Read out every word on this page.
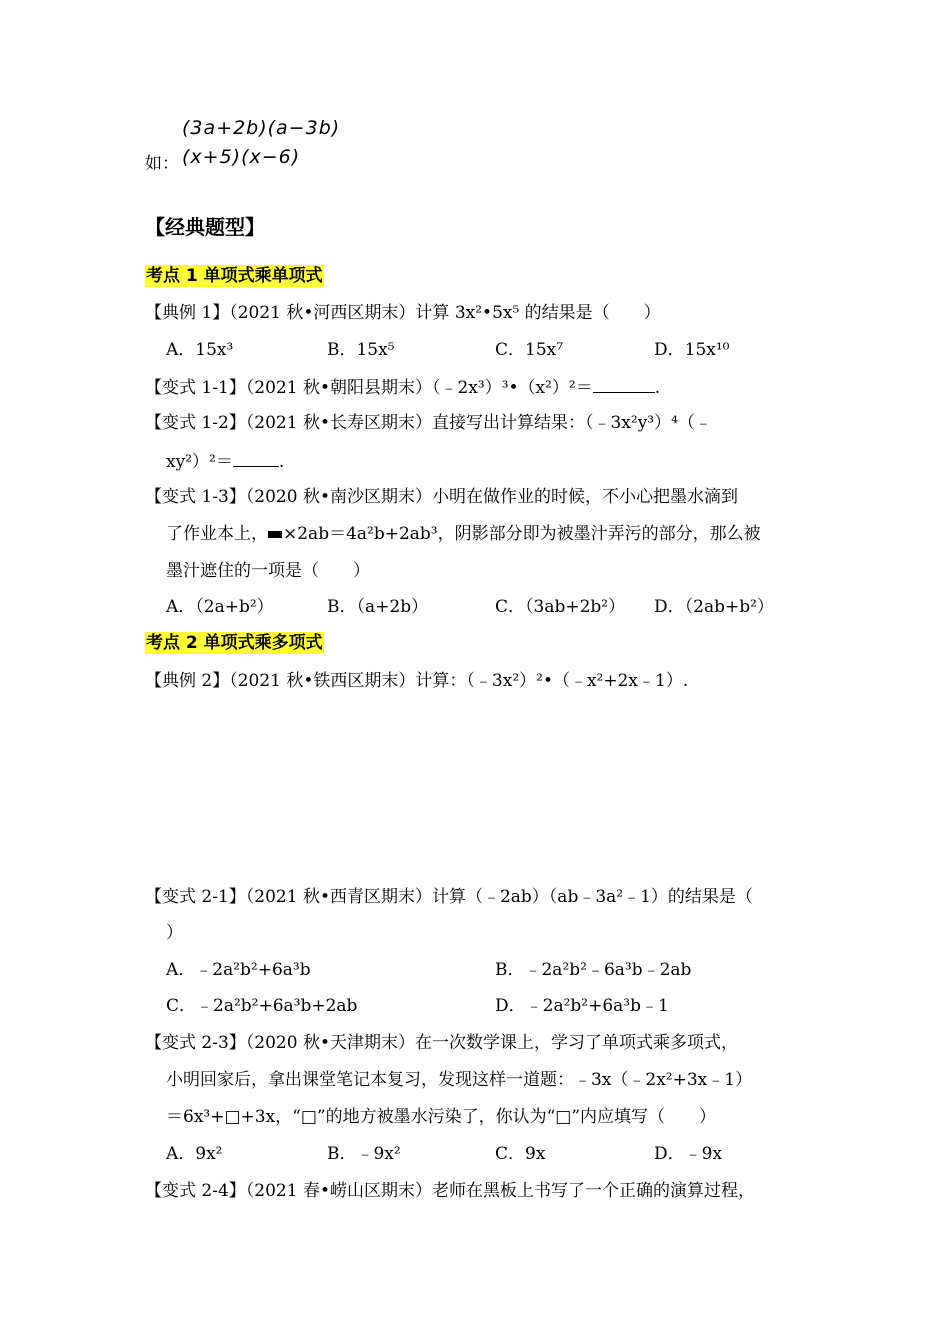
(3a+2b)(a−3b)
如： (x+5)(x−6)
【经典题型】
考点 1 单项式乘单项式
【典例 1】（2021 秋•河西区期末）计算 3x²•5x⁵ 的结果是（　　）
A．15x³	B．15x⁵	C．15x⁷	D．15x¹⁰
【变式 1-1】（2021 秋•朝阳县期末）（﹣2x³）³•（x²）²＝	.
【变式 1-2】（2021 秋•长寿区期末）直接写出计算结果：（﹣3x²y³）⁴（﹣
xy²）²＝	.
【变式 1-3】（2020 秋•南沙区期末）小明在做作业的时候，不小心把墨水滴到
了作业本上， ×2ab＝4a²b+2ab³，阴影部分即为被墨汁弄污的部分，那么被
墨汁遮住的一项是（　　）
A．（2a+b²）	B．（a+2b）	C．（3ab+2b²） D．（2ab+b²）
考点 2 单项式乘多项式
【典例 2】（2021 秋•铁西区期末）计算：（﹣3x²）²•（﹣x²+2x﹣1）.
【变式 2-1】（2021 秋•西青区期末）计算（﹣2ab）（ab﹣3a²﹣1）的结果是（
）
A．﹣2a²b²+6a³b	B．﹣2a²b²﹣6a³b﹣2ab
C．﹣2a²b²+6a³b+2ab	D．﹣2a²b²+6a³b﹣1
【变式 2-3】（2020 秋•天津期末）在一次数学课上，学习了单项式乘多项式，
小明回家后，拿出课堂笔记本复习，发现这样一道题：﹣3x（﹣2x²+3x﹣1）
＝6x³+□+3x，“□”的地方被墨水污染了，你认为“□”内应填写（　　）
A．9x²	B．﹣9x²	C．9x	D．﹣9x
【变式 2-4】（2021 春•崂山区期末）老师在黑板上书写了一个正确的演算过程，
